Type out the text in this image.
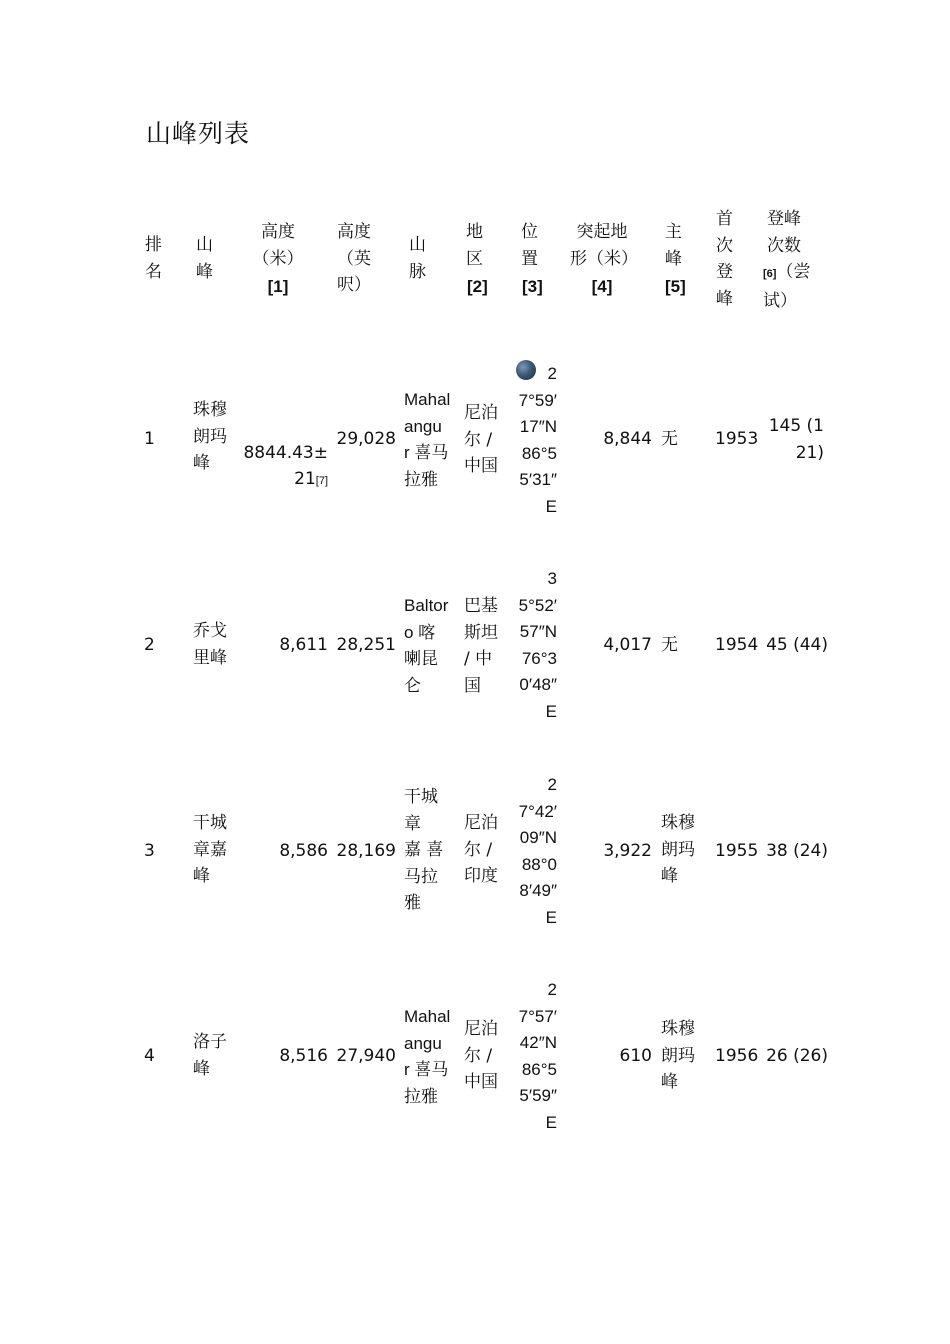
山峰列表
排
名
山
峰
高度
（米）
[1]
高度
（英
呎）
山
脉
地
区
[2]
位
置
[3]
突起地
形（米）
[4]
主
峰
[5]
首
次
登
峰
登峰
次数
[6]（尝
试）
1
珠穆
朗玛
峰

8844.43±
21[7]

29,028
Mahal
angu
r 喜马
拉雅
尼泊
尔 /
中国
2
7°59′
17″N
86°5
5′31″
E
8,844 无	1953
145 (1
21)
2
乔戈
里峰
8,611 28,251
Baltor
o 喀
喇昆
仑
巴基
斯坦
/ 中
国
3
5°52′
57″N
76°3
0′48″
E
4,017 无	1954 45 (44)
3
干城
章嘉
峰
8,586 28,169
干城
章
嘉 喜
马拉
雅
尼泊
尔 /
印度
2
7°42′
09″N
88°0
8′49″
E
3,922
珠穆
朗玛
峰
1955 38 (24)
4
洛子
峰
8,516 27,940
Mahal
angu
r 喜马
拉雅
尼泊
尔 /
中国
2
7°57′
42″N
86°5
5′59″
E
610
珠穆
朗玛
峰
1956 26 (26)
